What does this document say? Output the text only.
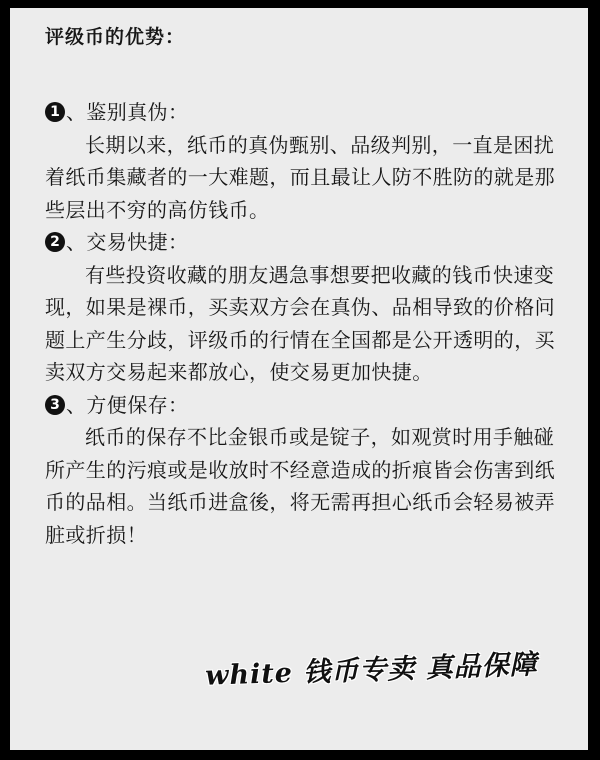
评级币的优势：
1 、鉴别真伪：

长期以来，纸币的真伪甄别、品级判别，一直是困扰着纸币集藏者的一大难题，而且最让人防不胜防的就是那些层出不穷的高仿钱币。

2 、交易快捷：

有些投资收藏的朋友遇急事想要把收藏的钱币快速变现，如果是裸币，买卖双方会在真伪、品相导致的价格问题上产生分歧，评级币的行情在全国都是公开透明的，买卖双方交易起来都放心，使交易更加快捷。

3 、方便保存：

纸币的保存不比金银币或是锭子，如观赏时用手触碰所产生的污痕或是收放时不经意造成的折痕皆会伤害到纸币的品相。当纸币进盒後，将无需再担心纸币会轻易被弄脏或折损！

white 钱币专卖 真品保障
